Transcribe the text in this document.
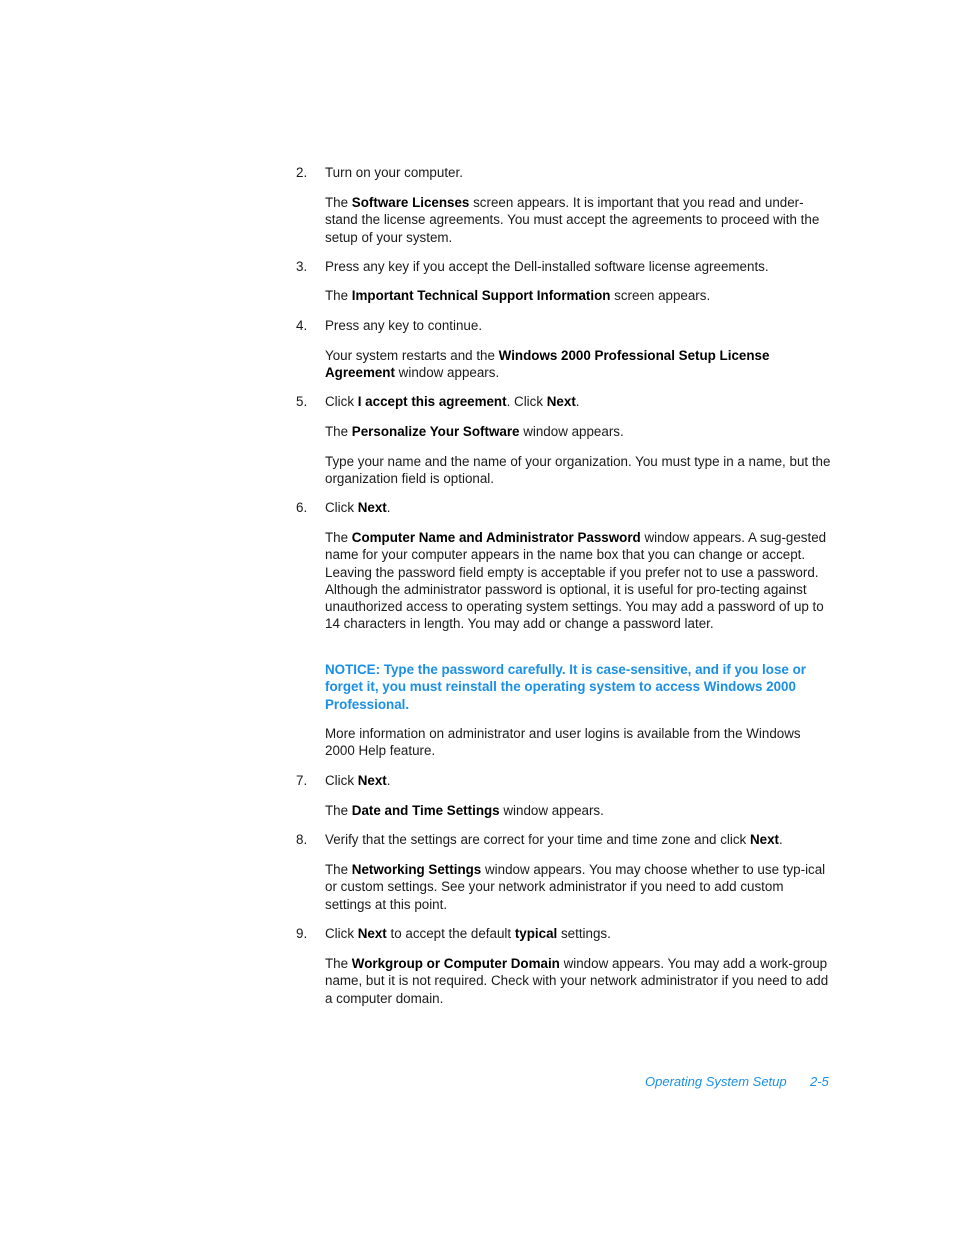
2. Turn on your computer.

The Software Licenses screen appears. It is important that you read and under-stand the license agreements. You must accept the agreements to proceed with the setup of your system.

3. Press any key if you accept the Dell-installed software license agreements.

The Important Technical Support Information screen appears.

4. Press any key to continue.

Your system restarts and the Windows 2000 Professional Setup License Agreement window appears.

5. Click I accept this agreement. Click Next.

The Personalize Your Software window appears.

Type your name and the name of your organization. You must type in a name, but the organization field is optional.

6. Click Next.

The Computer Name and Administrator Password window appears. A sug-gested name for your computer appears in the name box that you can change or accept. Leaving the password field empty is acceptable if you prefer not to use a password. Although the administrator password is optional, it is useful for pro-tecting against unauthorized access to operating system settings. You may add a password of up to 14 characters in length. You may add or change a password later.

NOTICE: Type the password carefully. It is case-sensitive, and if you lose or forget it, you must reinstall the operating system to access Windows 2000 Professional.

More information on administrator and user logins is available from the Windows 2000 Help feature.

7. Click Next.

The Date and Time Settings window appears.

8. Verify that the settings are correct for your time and time zone and click Next.

The Networking Settings window appears. You may choose whether to use typ-ical or custom settings. See your network administrator if you need to add custom settings at this point.

9. Click Next to accept the default typical settings.

The Workgroup or Computer Domain window appears. You may add a work-group name, but it is not required. Check with your network administrator if you need to add a computer domain.

Operating System Setup 2-5
